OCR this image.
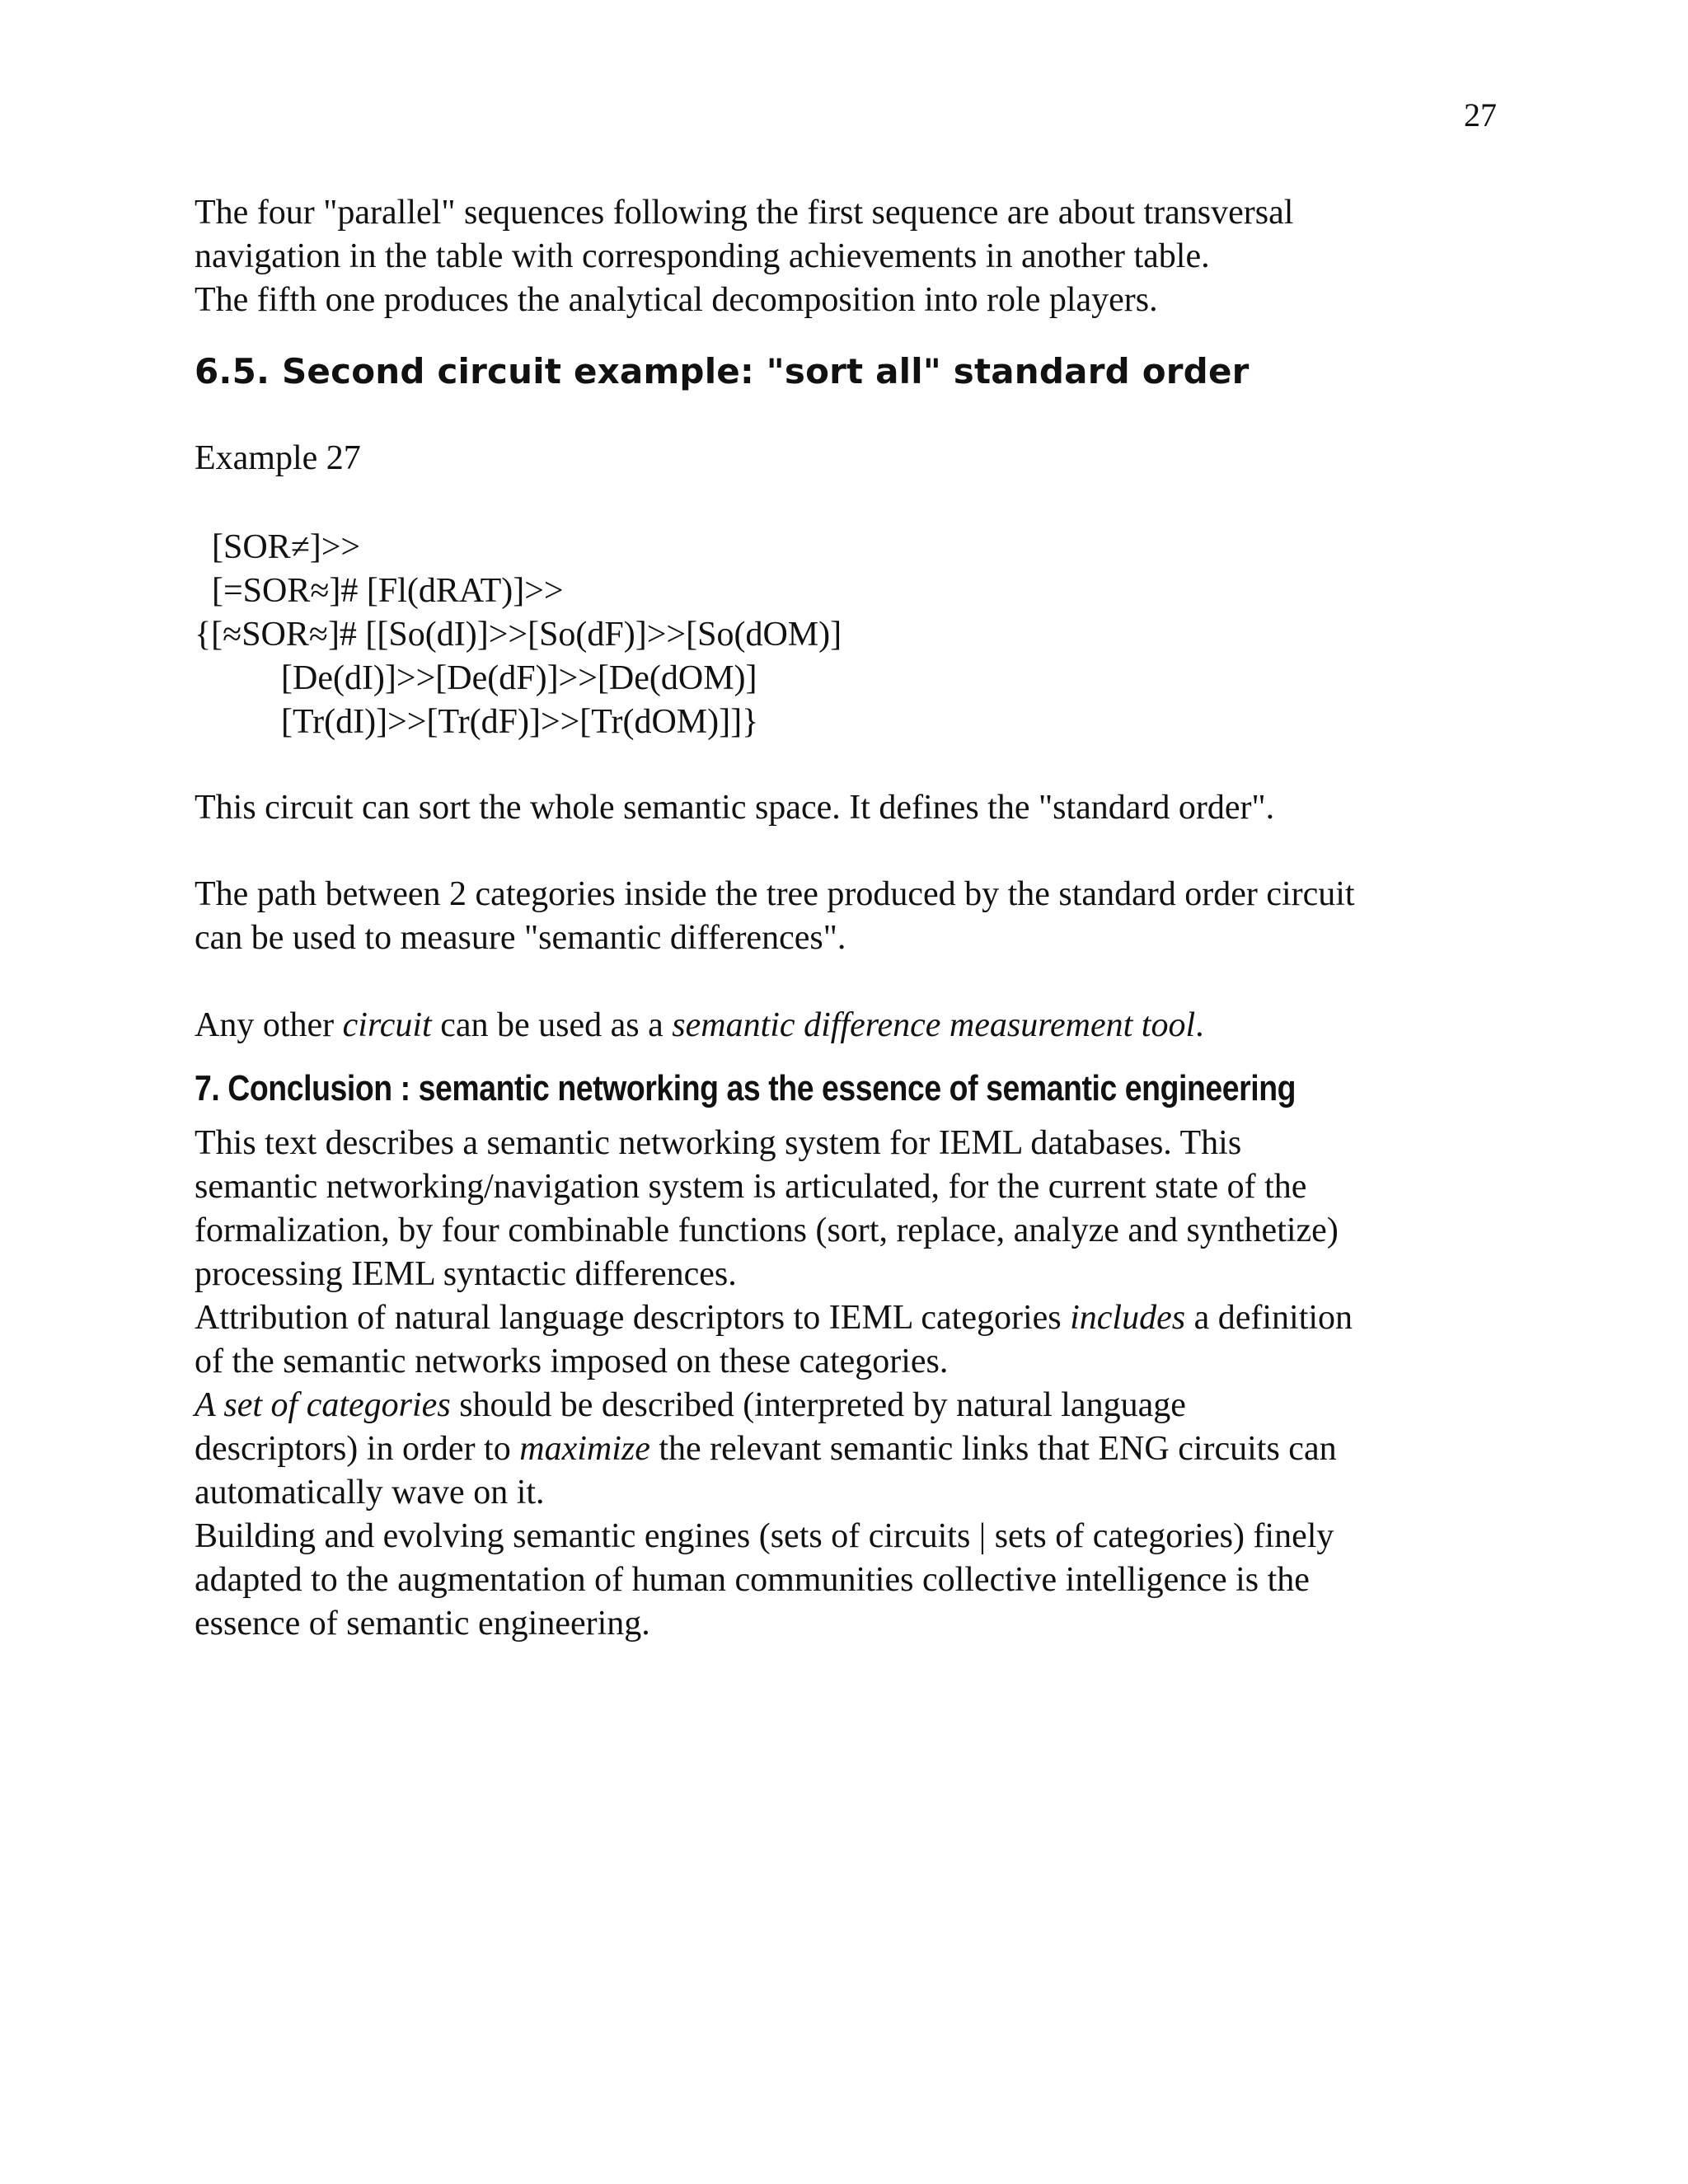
27

The four "parallel" sequences following the first sequence are about transversal
navigation in the table with corresponding achievements in another table.
The fifth one produces the analytical decomposition into role players.

6.5. Second circuit example: "sort all" standard order

Example 27

[SOR≠]>>
[=SOR≈]# [Fl(dRAT)]>>
{[≈SOR≈]# [[So(dI)]>>[So(dF)]>>[So(dOM)]
[De(dI)]>>[De(dF)]>>[De(dOM)]
[Tr(dI)]>>[Tr(dF)]>>[Tr(dOM)]]}

This circuit can sort the whole semantic space. It defines the "standard order".

The path between 2 categories inside the tree produced by the standard order circuit
can be used to measure "semantic differences".

Any other circuit can be used as a semantic difference measurement tool.

7. Conclusion : semantic networking as the essence of semantic engineering

This text describes a semantic networking system for IEML databases. This
semantic networking/navigation system is articulated, for the current state of the
formalization, by four combinable functions (sort, replace, analyze and synthetize)
processing IEML syntactic differences.

Attribution of natural language descriptors to IEML categories includes a definition
of the semantic networks imposed on these categories.

A set of categories should be described (interpreted by natural language
descriptors) in order to maximize the relevant semantic links that ENG circuits can
automatically wave on it.

Building and evolving semantic engines (sets of circuits | sets of categories) finely
adapted to the augmentation of human communities collective intelligence is the
essence of semantic engineering.
